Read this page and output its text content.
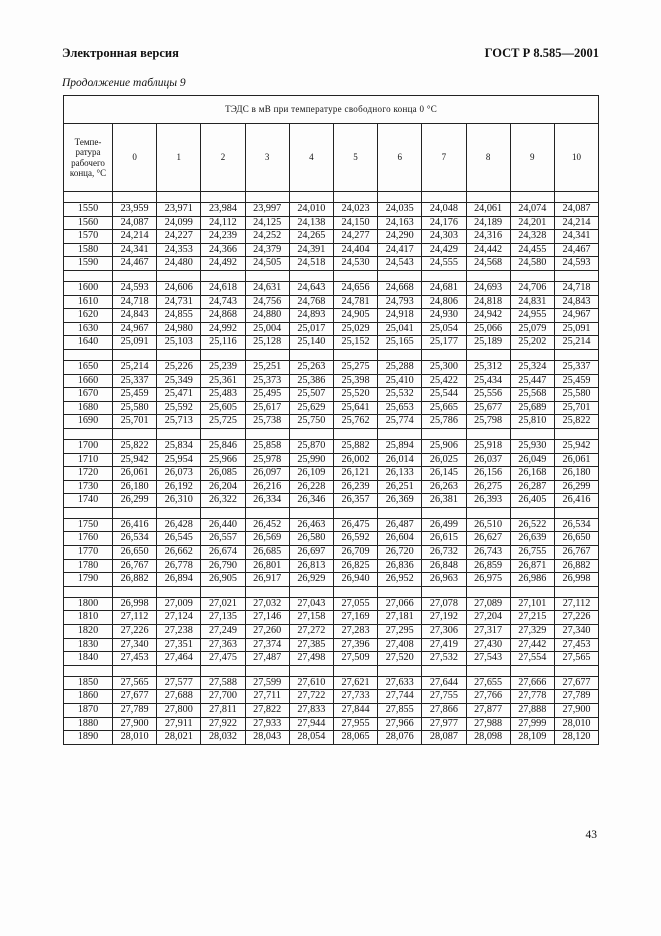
Электронная версия	ГОСТ Р 8.585—2001
Продолжение таблицы 9
ТЭДС в мВ при температуре свободного конца 0 °С											
Темпе-ратура рабочего конца, °С	0	1	2	3	4	5	6	7	8	9	10

1550	23,959	23,971	23,984	23,997	24,010	24,023	24,035	24,048	24,061	24,074	24,087
1560	24,087	24,099	24,112	24,125	24,138	24,150	24,163	24,176	24,189	24,201	24,214
1570	24,214	24,227	24,239	24,252	24,265	24,277	24,290	24,303	24,316	24,328	24,341
1580	24,341	24,353	24,366	24,379	24,391	24,404	24,417	24,429	24,442	24,455	24,467
1590	24,467	24,480	24,492	24,505	24,518	24,530	24,543	24,555	24,568	24,580	24,593

1600	24,593	24,606	24,618	24,631	24,643	24,656	24,668	24,681	24,693	24,706	24,718
1610	24,718	24,731	24,743	24,756	24,768	24,781	24,793	24,806	24,818	24,831	24,843
1620	24,843	24,855	24,868	24,880	24,893	24,905	24,918	24,930	24,942	24,955	24,967
1630	24,967	24,980	24,992	25,004	25,017	25,029	25,041	25,054	25,066	25,079	25,091
1640	25,091	25,103	25,116	25,128	25,140	25,152	25,165	25,177	25,189	25,202	25,214

1650	25,214	25,226	25,239	25,251	25,263	25,275	25,288	25,300	25,312	25,324	25,337
1660	25,337	25,349	25,361	25,373	25,386	25,398	25,410	25,422	25,434	25,447	25,459
1670	25,459	25,471	25,483	25,495	25,507	25,520	25,532	25,544	25,556	25,568	25,580
1680	25,580	25,592	25,605	25,617	25,629	25,641	25,653	25,665	25,677	25,689	25,701
1690	25,701	25,713	25,725	25,738	25,750	25,762	25,774	25,786	25,798	25,810	25,822

1700	25,822	25,834	25,846	25,858	25,870	25,882	25,894	25,906	25,918	25,930	25,942
1710	25,942	25,954	25,966	25,978	25,990	26,002	26,014	26,025	26,037	26,049	26,061
1720	26,061	26,073	26,085	26,097	26,109	26,121	26,133	26,145	26,156	26,168	26,180
1730	26,180	26,192	26,204	26,216	26,228	26,239	26,251	26,263	26,275	26,287	26,299
1740	26,299	26,310	26,322	26,334	26,346	26,357	26,369	26,381	26,393	26,405	26,416

1750	26,416	26,428	26,440	26,452	26,463	26,475	26,487	26,499	26,510	26,522	26,534
1760	26,534	26,545	26,557	26,569	26,580	26,592	26,604	26,615	26,627	26,639	26,650
1770	26,650	26,662	26,674	26,685	26,697	26,709	26,720	26,732	26,743	26,755	26,767
1780	26,767	26,778	26,790	26,801	26,813	26,825	26,836	26,848	26,859	26,871	26,882
1790	26,882	26,894	26,905	26,917	26,929	26,940	26,952	26,963	26,975	26,986	26,998

1800	26,998	27,009	27,021	27,032	27,043	27,055	27,066	27,078	27,089	27,101	27,112
1810	27,112	27,124	27,135	27,146	27,158	27,169	27,181	27,192	27,204	27,215	27,226
1820	27,226	27,238	27,249	27,260	27,272	27,283	27,295	27,306	27,317	27,329	27,340
1830	27,340	27,351	27,363	27,374	27,385	27,396	27,408	27,419	27,430	27,442	27,453
1840	27,453	27,464	27,475	27,487	27,498	27,509	27,520	27,532	27,543	27,554	27,565

1850	27,565	27,577	27,588	27,599	27,610	27,621	27,633	27,644	27,655	27,666	27,677
1860	27,677	27,688	27,700	27,711	27,722	27,733	27,744	27,755	27,766	27,778	27,789
1870	27,789	27,800	27,811	27,822	27,833	27,844	27,855	27,866	27,877	27,888	27,900
1880	27,900	27,911	27,922	27,933	27,944	27,955	27,966	27,977	27,988	27,999	28,010
1890	28,010	28,021	28,032	28,043	28,054	28,065	28,076	28,087	28,098	28,109	28,120
43
